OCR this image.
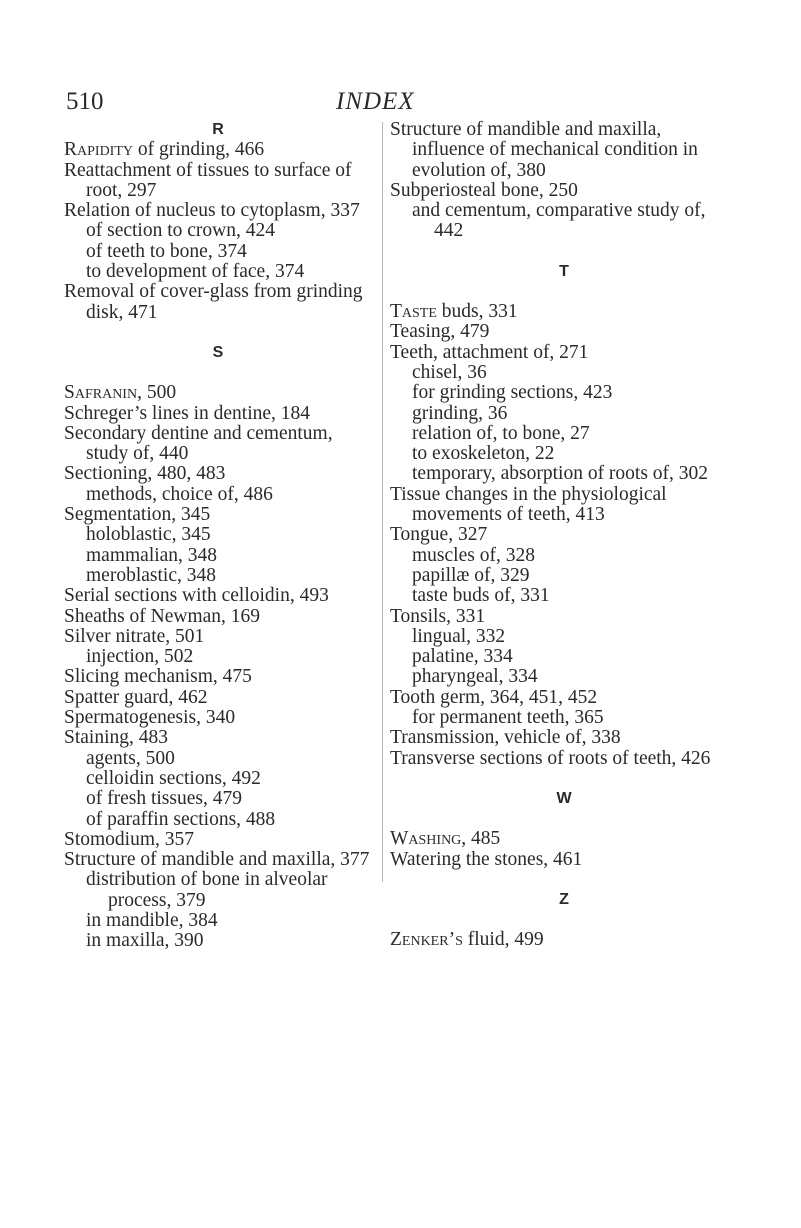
510	INDEX
R
Rapidity of grinding, 466
Reattachment of tissues to surface of root, 297
Relation of nucleus to cytoplasm, 337
of section to crown, 424
of teeth to bone, 374
to development of face, 374
Removal of cover-glass from grinding disk, 471
S
Safranin, 500
Schreger’s lines in dentine, 184
Secondary dentine and cementum, study of, 440
Sectioning, 480, 483
methods, choice of, 486
Segmentation, 345
holoblastic, 345
mammalian, 348
meroblastic, 348
Serial sections with celloidin, 493
Sheaths of Newman, 169
Silver nitrate, 501
injection, 502
Slicing mechanism, 475
Spatter guard, 462
Spermatogenesis, 340
Staining, 483
agents, 500
celloidin sections, 492
of fresh tissues, 479
of paraffin sections, 488
Stomodium, 357
Structure of mandible and maxilla, 377
distribution of bone in alveolar process, 379
in mandible, 384
in maxilla, 390
Structure of mandible and maxilla, influence of mechanical condition in evolution of, 380
Subperiosteal bone, 250
and cementum, comparative study of, 442
T
Taste buds, 331
Teasing, 479
Teeth, attachment of, 271
chisel, 36
for grinding sections, 423
grinding, 36
relation of, to bone, 27
to exoskeleton, 22
temporary, absorption of roots of, 302
Tissue changes in the physiological movements of teeth, 413
Tongue, 327
muscles of, 328
papillæ of, 329
taste buds of, 331
Tonsils, 331
lingual, 332
palatine, 334
pharyngeal, 334
Tooth germ, 364, 451, 452
for permanent teeth, 365
Transmission, vehicle of, 338
Transverse sections of roots of teeth, 426
W
Washing, 485
Watering the stones, 461
Z
Zenker’s fluid, 499
